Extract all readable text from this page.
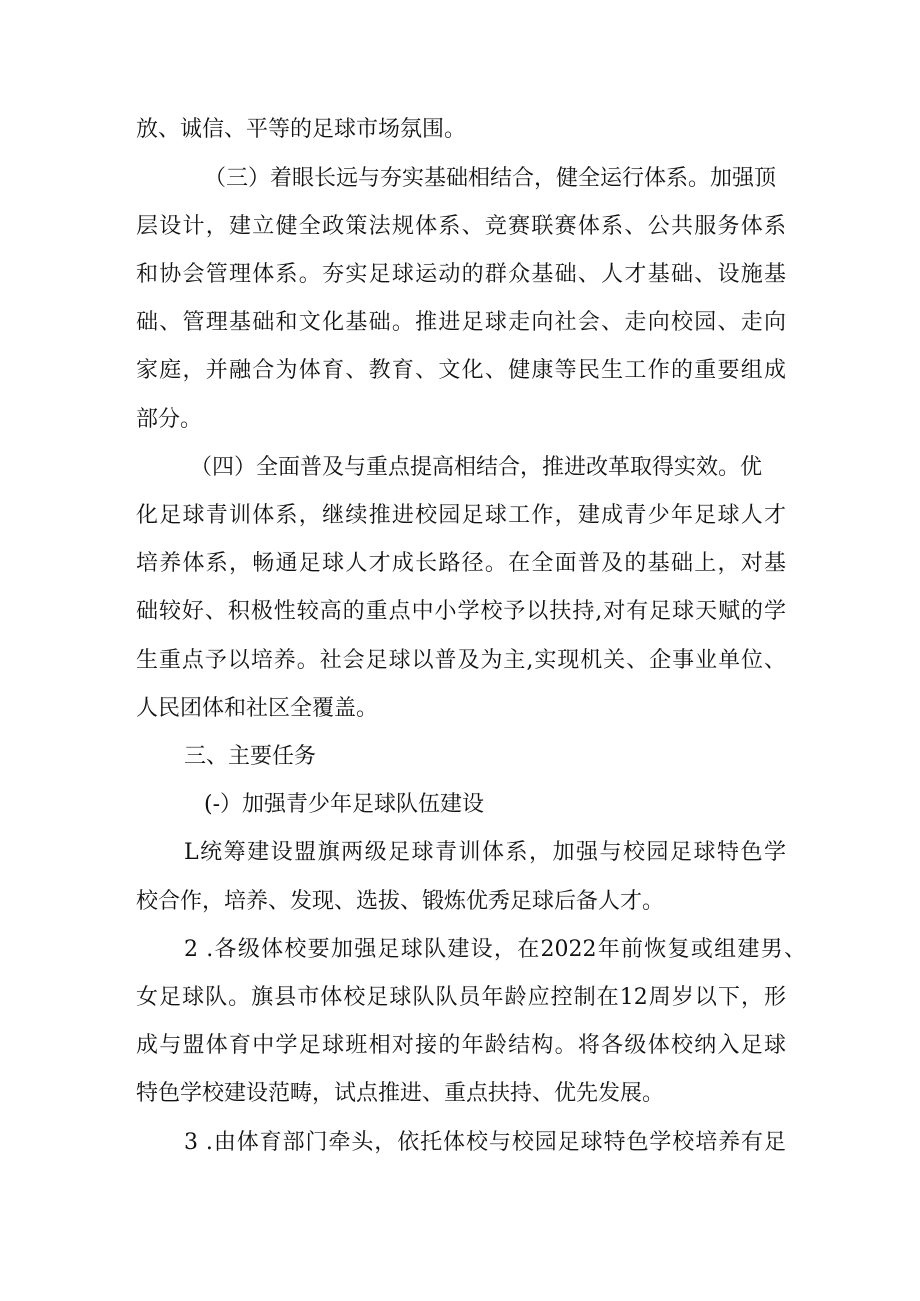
放、诚信、平等的足球市场氛围。
（三）着眼长远与夯实基础相结合，健全运行体系。加强顶
层设计，建立健全政策法规体系、竞赛联赛体系、公共服务体系
和协会管理体系。夯实足球运动的群众基础、人才基础、设施基
础、管理基础和文化基础。推进足球走向社会、走向校园、走向
家庭，并融合为体育、教育、文化、健康等民生工作的重要组成
部分。
（四）全面普及与重点提高相结合，推进改革取得实效。优
化足球青训体系，继续推进校园足球工作，建成青少年足球人才
培养体系，畅通足球人才成长路径。在全面普及的基础上，对基
础较好、积极性较高的重点中小学校予以扶持,对有足球天赋的学
生重点予以培养。社会足球以普及为主,实现机关、企事业单位、
人民团体和社区全覆盖。
三、主要任务
(-）加强青少年足球队伍建设
L统筹建设盟旗两级足球青训体系，加强与校园足球特色学
校合作，培养、发现、选拔、锻炼优秀足球后备人才。
2 .各级体校要加强足球队建设，在2022年前恢复或组建男、
女足球队。旗县市体校足球队队员年龄应控制在12周岁以下，形
成与盟体育中学足球班相对接的年龄结构。将各级体校纳入足球
特色学校建设范畴，试点推进、重点扶持、优先发展。
3 .由体育部门牵头，依托体校与校园足球特色学校培养有足
